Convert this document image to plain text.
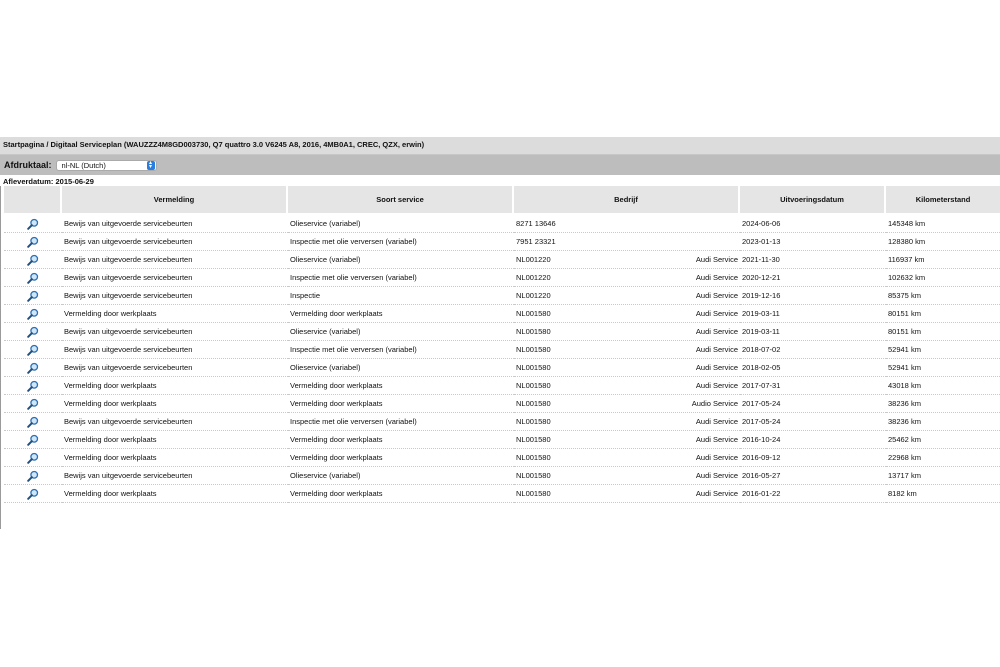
Startpagina / Digitaal Serviceplan (WAUZZZ4M8GD003730, Q7 quattro 3.0 V6245 A8, 2016, 4MB0A1, CREC, QZX, erwin)
Afdruktaal:	nl-NL (Dutch)	▴
▾
Afleverdatum: 2015-06-29
	Vermelding	Soort service	Bedrijf	Uitvoeringsdatum	Kilometerstand
	Bewijs van uitgevoerde servicebeurten	Olieservice (variabel)	8271 13646	2024-06-06	145348 km
	Bewijs van uitgevoerde servicebeurten	Inspectie met olie verversen (variabel)	7951 23321	2023-01-13	128380 km
	Bewijs van uitgevoerde servicebeurten	Olieservice (variabel)	NL001220 Audi Service	2021-11-30	116937 km
	Bewijs van uitgevoerde servicebeurten	Inspectie met olie verversen (variabel)	NL001220 Audi Service	2020-12-21	102632 km
	Bewijs van uitgevoerde servicebeurten	Inspectie	NL001220 Audi Service	2019-12-16	85375 km
	Vermelding door werkplaats	Vermelding door werkplaats	NL001580 Audi Service	2019-03-11	80151 km
	Bewijs van uitgevoerde servicebeurten	Olieservice (variabel)	NL001580 Audi Service	2019-03-11	80151 km
	Bewijs van uitgevoerde servicebeurten	Inspectie met olie verversen (variabel)	NL001580 Audi Service	2018-07-02	52941 km
	Bewijs van uitgevoerde servicebeurten	Olieservice (variabel)	NL001580 Audi Service	2018-02-05	52941 km
	Vermelding door werkplaats	Vermelding door werkplaats	NL001580 Audi Service	2017-07-31	43018 km
	Vermelding door werkplaats	Vermelding door werkplaats	NL001580 Audio Service	2017-05-24	38236 km
	Bewijs van uitgevoerde servicebeurten	Inspectie met olie verversen (variabel)	NL001580 Audi Service	2017-05-24	38236 km
	Vermelding door werkplaats	Vermelding door werkplaats	NL001580 Audi Service	2016-10-24	25462 km
	Vermelding door werkplaats	Vermelding door werkplaats	NL001580 Audi Service	2016-09-12	22968 km
	Bewijs van uitgevoerde servicebeurten	Olieservice (variabel)	NL001580 Audi Service	2016-05-27	13717 km
	Vermelding door werkplaats	Vermelding door werkplaats	NL001580 Audi Service	2016-01-22	8182 km
